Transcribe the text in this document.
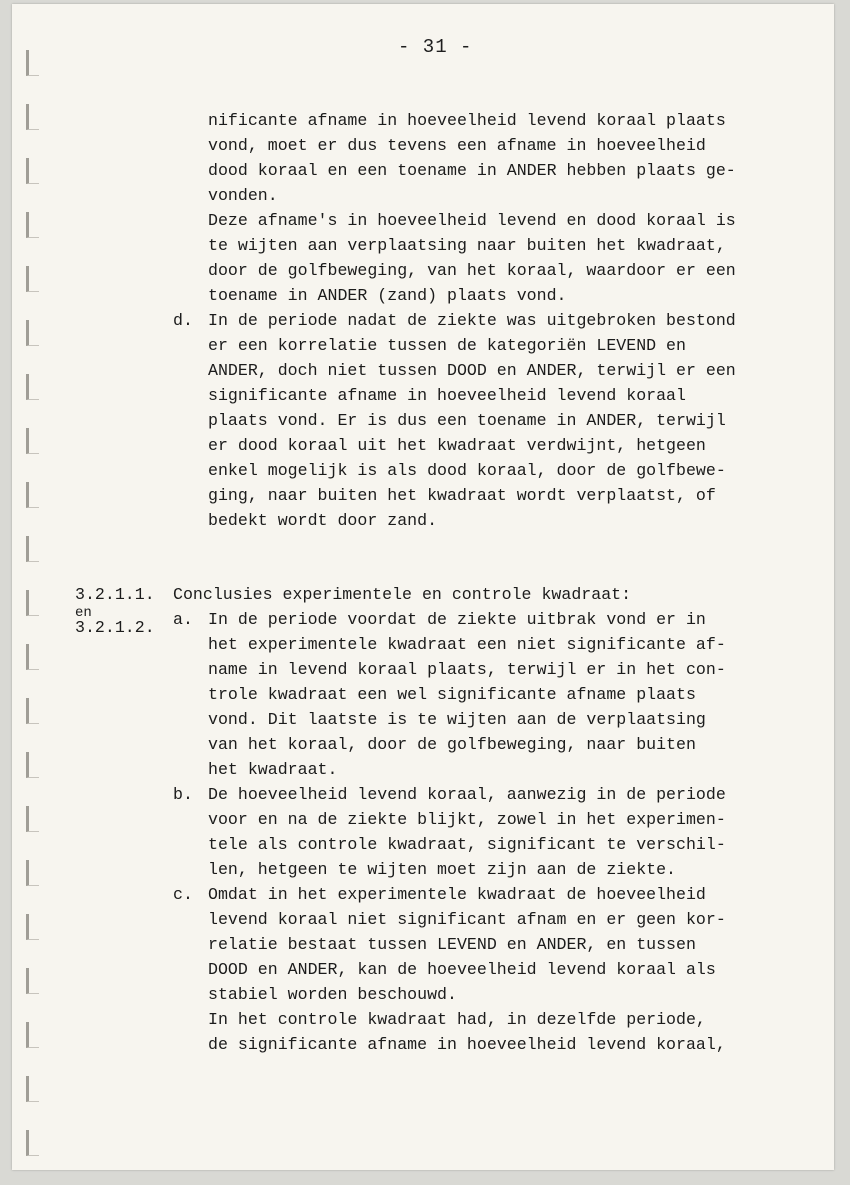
- 31 -
nificante afname in hoeveelheid levend koraal plaats
vond, moet er dus tevens een afname in hoeveelheid
dood koraal en een toename in ANDER hebben plaats ge-
vonden.
Deze afname's in hoeveelheid levend en dood koraal is
te wijten aan verplaatsing naar buiten het kwadraat,
door de golfbeweging, van het koraal, waardoor er een
toename in ANDER (zand) plaats vond.
d. In de periode nadat de ziekte was uitgebroken bestond
er een korrelatie tussen de kategoriën LEVEND en
ANDER, doch niet tussen DOOD en ANDER, terwijl er een
significante afname in hoeveelheid levend koraal
plaats vond. Er is dus een toename in ANDER, terwijl
er dood koraal uit het kwadraat verdwijnt, hetgeen
enkel mogelijk is als dood koraal, door de golfbewe-
ging, naar buiten het kwadraat wordt verplaatst, of
bedekt wordt door zand.
3.2.1.1. Conclusies experimentele en controle kwadraat:
en
3.2.1.2. a. In de periode voordat de ziekte uitbrak vond er in
het experimentele kwadraat een niet significante af-
name in levend koraal plaats, terwijl er in het con-
trole kwadraat een wel significante afname plaats
vond. Dit laatste is te wijten aan de verplaatsing
van het koraal, door de golfbeweging, naar buiten
het kwadraat.
b. De hoeveelheid levend koraal, aanwezig in de periode
voor en na de ziekte blijkt, zowel in het experimen-
tele als controle kwadraat, significant te verschil-
len, hetgeen te wijten moet zijn aan de ziekte.
c. Omdat in het experimentele kwadraat de hoeveelheid
levend koraal niet significant afnam en er geen kor-
relatie bestaat tussen LEVEND en ANDER, en tussen
DOOD en ANDER, kan de hoeveelheid levend koraal als
stabiel worden beschouwd.
In het controle kwadraat had, in dezelfde periode,
de significante afname in hoeveelheid levend koraal,
